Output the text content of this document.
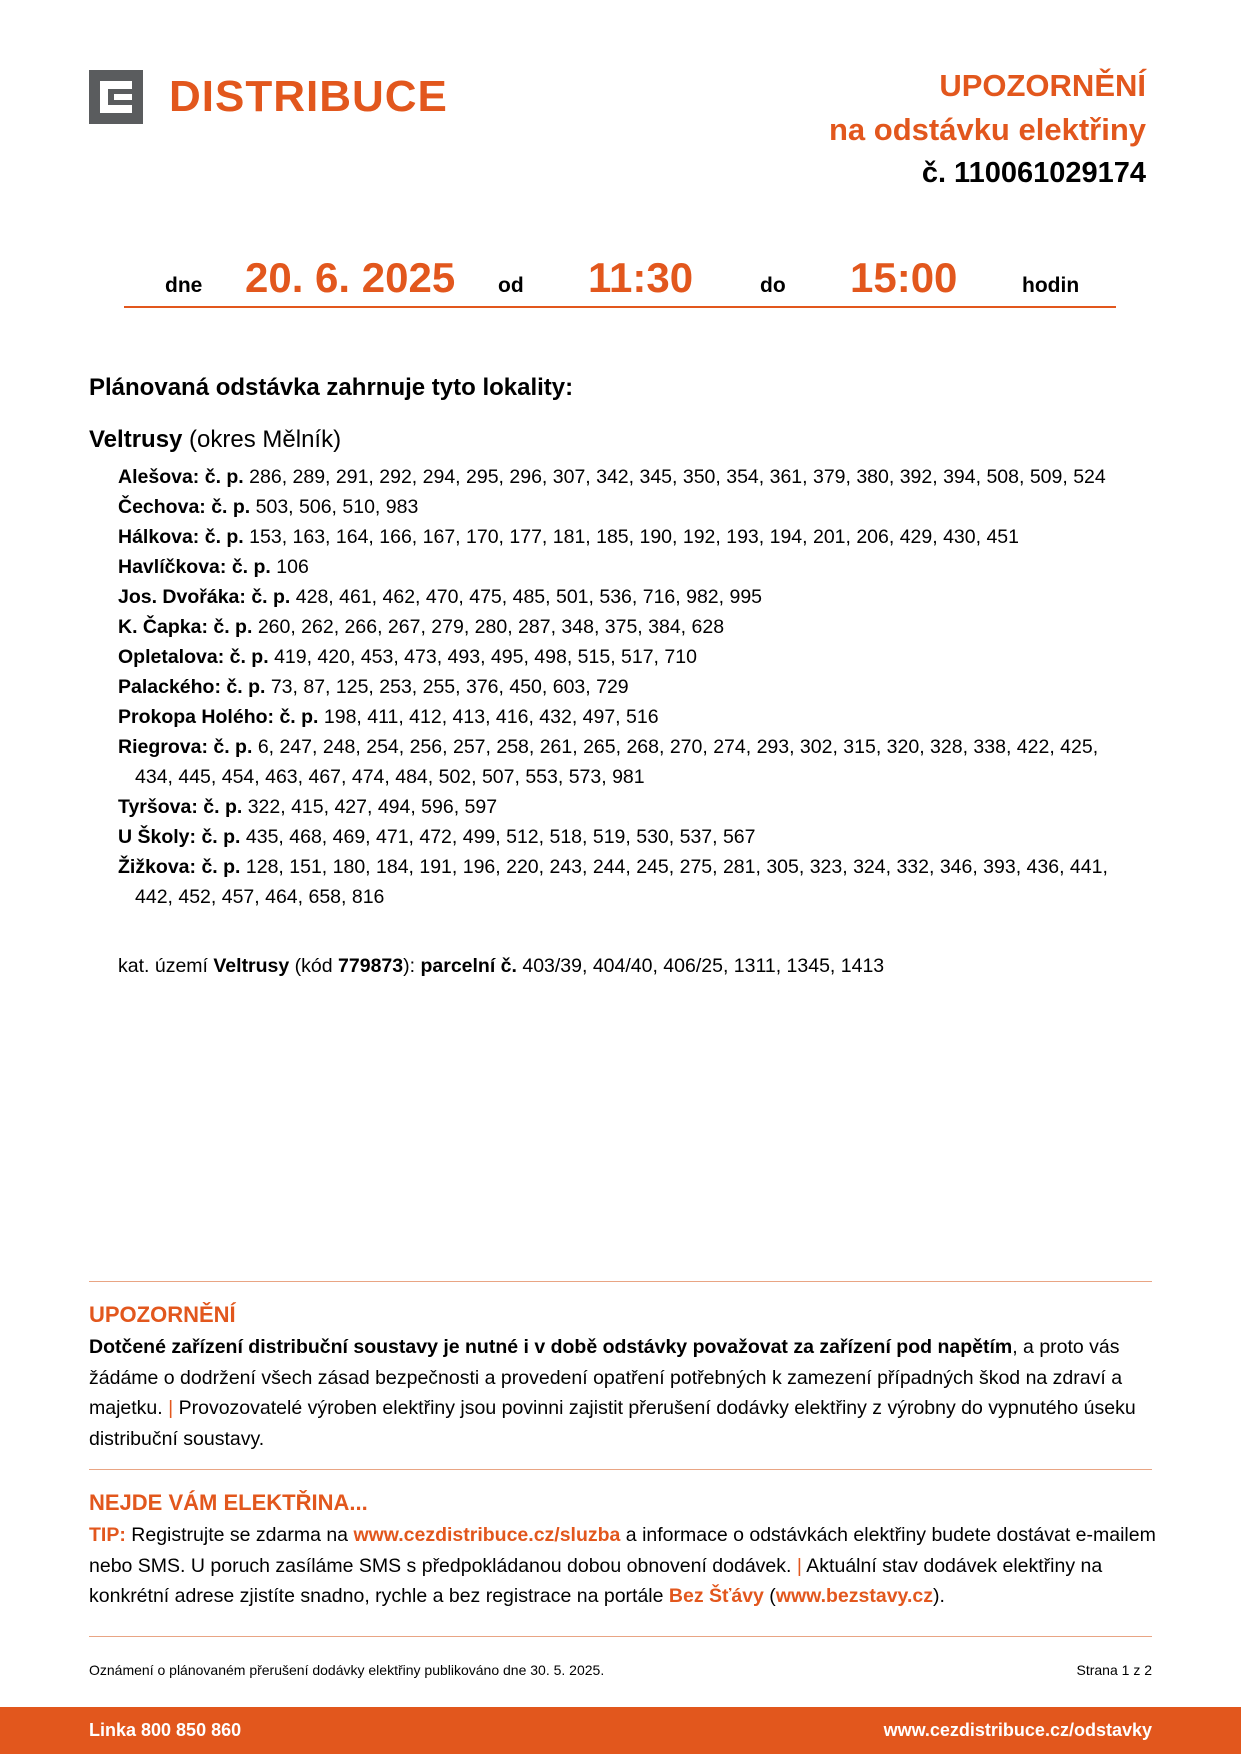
DISTRIBUCE	UPOZORNĚNÍ
na odstávku elektřiny
č. 110061029174
dne 20. 6. 2025 od 11:30	do 15:00	hodin
Plánovaná odstávka zahrnuje tyto lokality:
Veltrusy (okres Mělník)
Alešova: č. p. 286, 289, 291, 292, 294, 295, 296, 307, 342, 345, 350, 354, 361, 379, 380, 392, 394, 508, 509, 524
Čechova: č. p. 503, 506, 510, 983
Hálkova: č. p. 153, 163, 164, 166, 167, 170, 177, 181, 185, 190, 192, 193, 194, 201, 206, 429, 430, 451
Havlíčkova: č. p. 106
Jos. Dvořáka: č. p. 428, 461, 462, 470, 475, 485, 501, 536, 716, 982, 995
K. Čapka: č. p. 260, 262, 266, 267, 279, 280, 287, 348, 375, 384, 628
Opletalova: č. p. 419, 420, 453, 473, 493, 495, 498, 515, 517, 710
Palackého: č. p. 73, 87, 125, 253, 255, 376, 450, 603, 729
Prokopa Holého: č. p. 198, 411, 412, 413, 416, 432, 497, 516
Riegrova: č. p. 6, 247, 248, 254, 256, 257, 258, 261, 265, 268, 270, 274, 293, 302, 315, 320, 328, 338, 422, 425, 434, 445, 454, 463, 467, 474, 484, 502, 507, 553, 573, 981
Tyršova: č. p. 322, 415, 427, 494, 596, 597
U Školy: č. p. 435, 468, 469, 471, 472, 499, 512, 518, 519, 530, 537, 567
Žižkova: č. p. 128, 151, 180, 184, 191, 196, 220, 243, 244, 245, 275, 281, 305, 323, 324, 332, 346, 393, 436, 441, 442, 452, 457, 464, 658, 816
kat. území Veltrusy (kód 779873): parcelní č. 403/39, 404/40, 406/25, 1311, 1345, 1413
UPOZORNĚNÍ
Dotčené zařízení distribuční soustavy je nutné i v době odstávky považovat za zařízení pod napětím, a proto vás žádáme o dodržení všech zásad bezpečnosti a provedení opatření potřebných k zamezení případných škod na zdraví a majetku. | Provozovatelé výroben elektřiny jsou povinni zajistit přerušení dodávky elektřiny z výrobny do vypnutého úseku distribuční soustavy.
NEJDE VÁM ELEKTŘINA...
TIP: Registrujte se zdarma na www.cezdistribuce.cz/sluzba a informace o odstávkách elektřiny budete dostávat e-mailem nebo SMS. U poruch zasíláme SMS s předpokládanou dobou obnovení dodávek. | Aktuální stav dodávek elektřiny na konkrétní adrese zjistíte snadno, rychle a bez registrace na portále Bez Šťávy (www.bezstavy.cz).
Oznámení o plánovaném přerušení dodávky elektřiny publikováno dne 30. 5. 2025.	Strana 1 z 2
Linka 800 850 860	www.cezdistribuce.cz/odstavky
